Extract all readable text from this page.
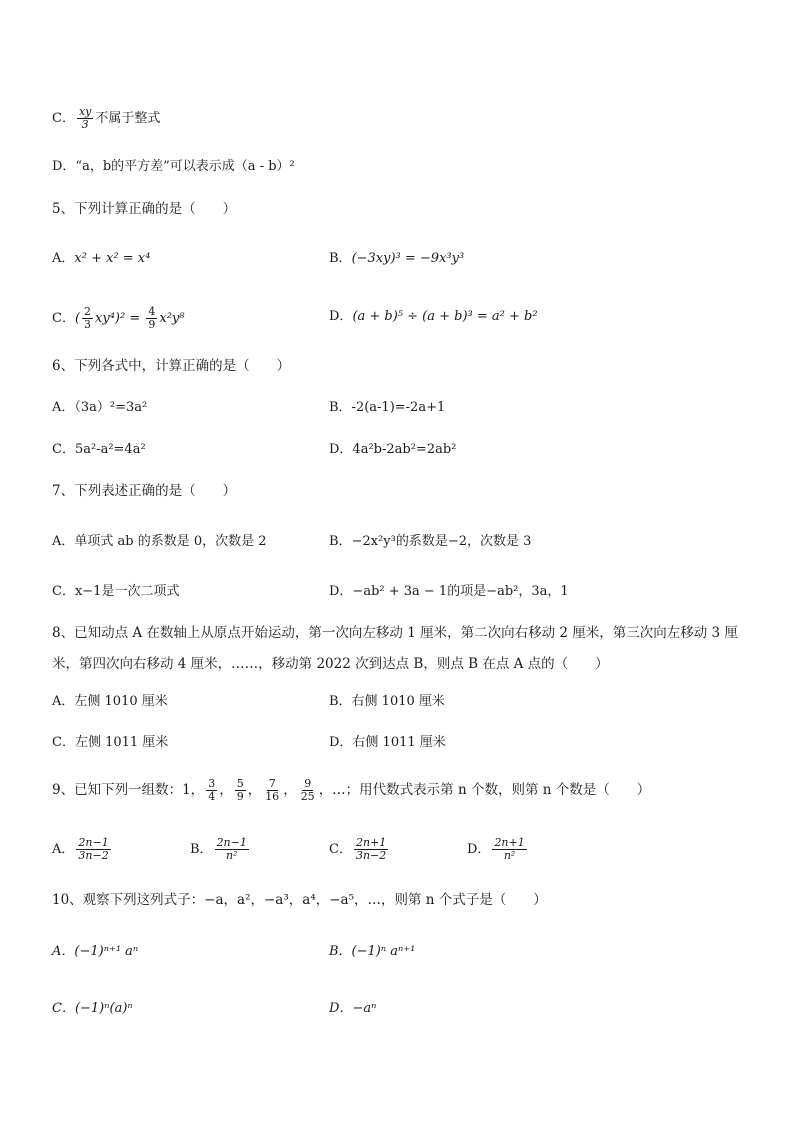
C． $\frac{xy}{3}$ 不属于整式
D．“a，b的平方差”可以表示成（a - b）²
5、下列计算正确的是（　　）
A．x² + x² = x⁴	B．(−3xy)³ = −9x³y³
C．( $\frac{2}{3} xy^4)^2 = \frac{4}{9} x^2y^8$	D．(a + b)⁵ ÷ (a + b)³ = a² + b²
6、下列各式中，计算正确的是（　　）
A．（3a）²=3a²	B．-2(a-1)=-2a+1
C．5a²-a²=4a²	D．4a²b-2ab²=2ab²
7、下列表述正确的是（　　）
A．单项式 ab 的系数是 0，次数是 2	B．−2x²y³的系数是−2，次数是 3
C．x−1是一次二项式	D．−ab² + 3a − 1的项是−ab²，3a，1
8、已知动点 A 在数轴上从原点开始运动，第一次向左移动 1 厘米，第二次向右移动 2 厘米，第三次向左移动 3 厘米，第四次向右移动 4 厘米，……，移动第 2022 次到达点 B，则点 B 在点 A 点的（　　）
A．左侧 1010 厘米	B．右侧 1010 厘米
C．左侧 1011 厘米	D．右侧 1011 厘米
9、已知下列一组数：1， $\frac{3}{4}$ ， $\frac{5}{9}$ ， $\frac{7}{16}$ ， $\frac{9}{25}$ ，…；用代数式表示第 n 个数，则第 n 个数是（　　）
A． $\frac{2n-1}{3n-2}$	B． $\frac{2n-1}{\text{n²}}$	C． $\frac{2n+1}{3n-2}$	D． $\frac{2n+1}{\text{n²}}$
10、观察下列这列式子：−a，a²，−a³，a⁴，−a⁵，…，则第 n 个式子是（　　）
A．(−1)ⁿ⁺¹ aⁿ	B．(−1)ⁿ aⁿ⁺¹
C．(−1)ⁿ(a)ⁿ	D．−aⁿ
